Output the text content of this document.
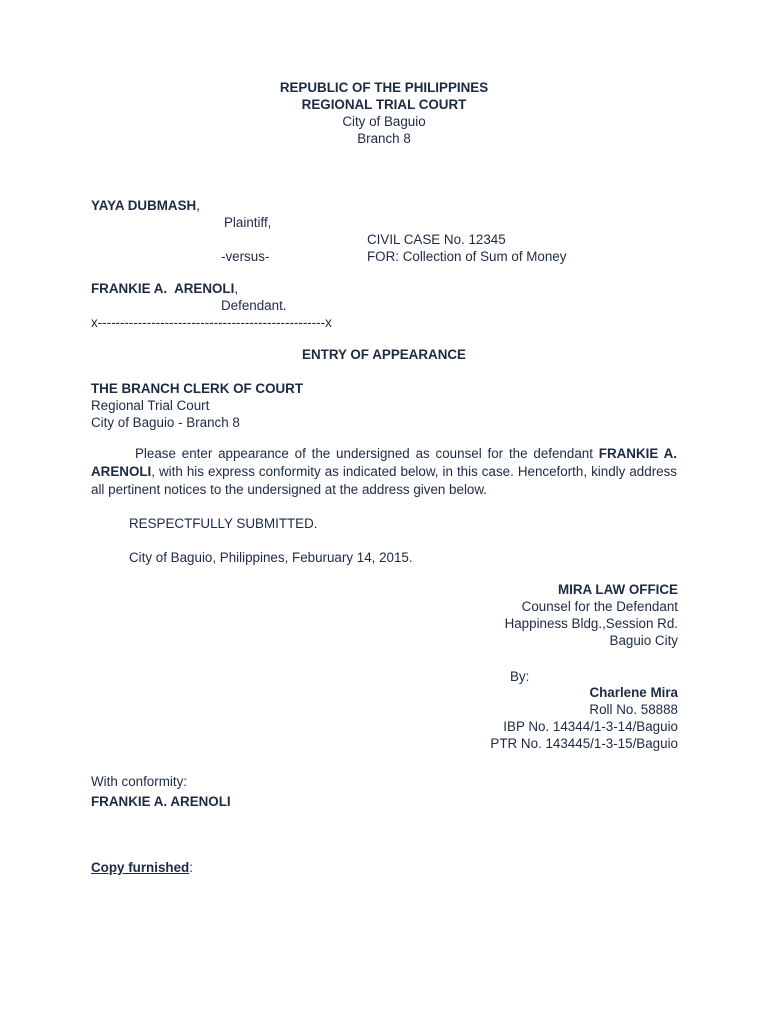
REPUBLIC OF THE PHILIPPINES

REGIONAL TRIAL COURT

City of Baguio

Branch 8

YAYA DUBMASH,

Plaintiff,

CIVIL CASE No. 12345

-versus-	FOR: Collection of Sum of Money

FRANKIE A.  ARENOLI,

Defendant.

x---------------------------------------------------x

ENTRY OF APPEARANCE

THE BRANCH CLERK OF COURT

Regional Trial Court

City of Baguio - Branch 8

Please enter appearance of the undersigned as counsel for the defendant FRANKIE A. ARENOLI, with his express conformity as indicated below, in this case. Henceforth, kindly address all pertinent notices to the undersigned at the address given below.

RESPECTFULLY SUBMITTED.

City of Baguio, Philippines, Feburuary 14, 2015.

MIRA LAW OFFICE

Counsel for the Defendant

Happiness Bldg.,Session Rd.

Baguio City

By:

Charlene Mira

Roll No. 58888

IBP No. 14344/1-3-14/Baguio

PTR No. 143445/1-3-15/Baguio

With conformity:

FRANKIE A. ARENOLI

Copy furnished:
